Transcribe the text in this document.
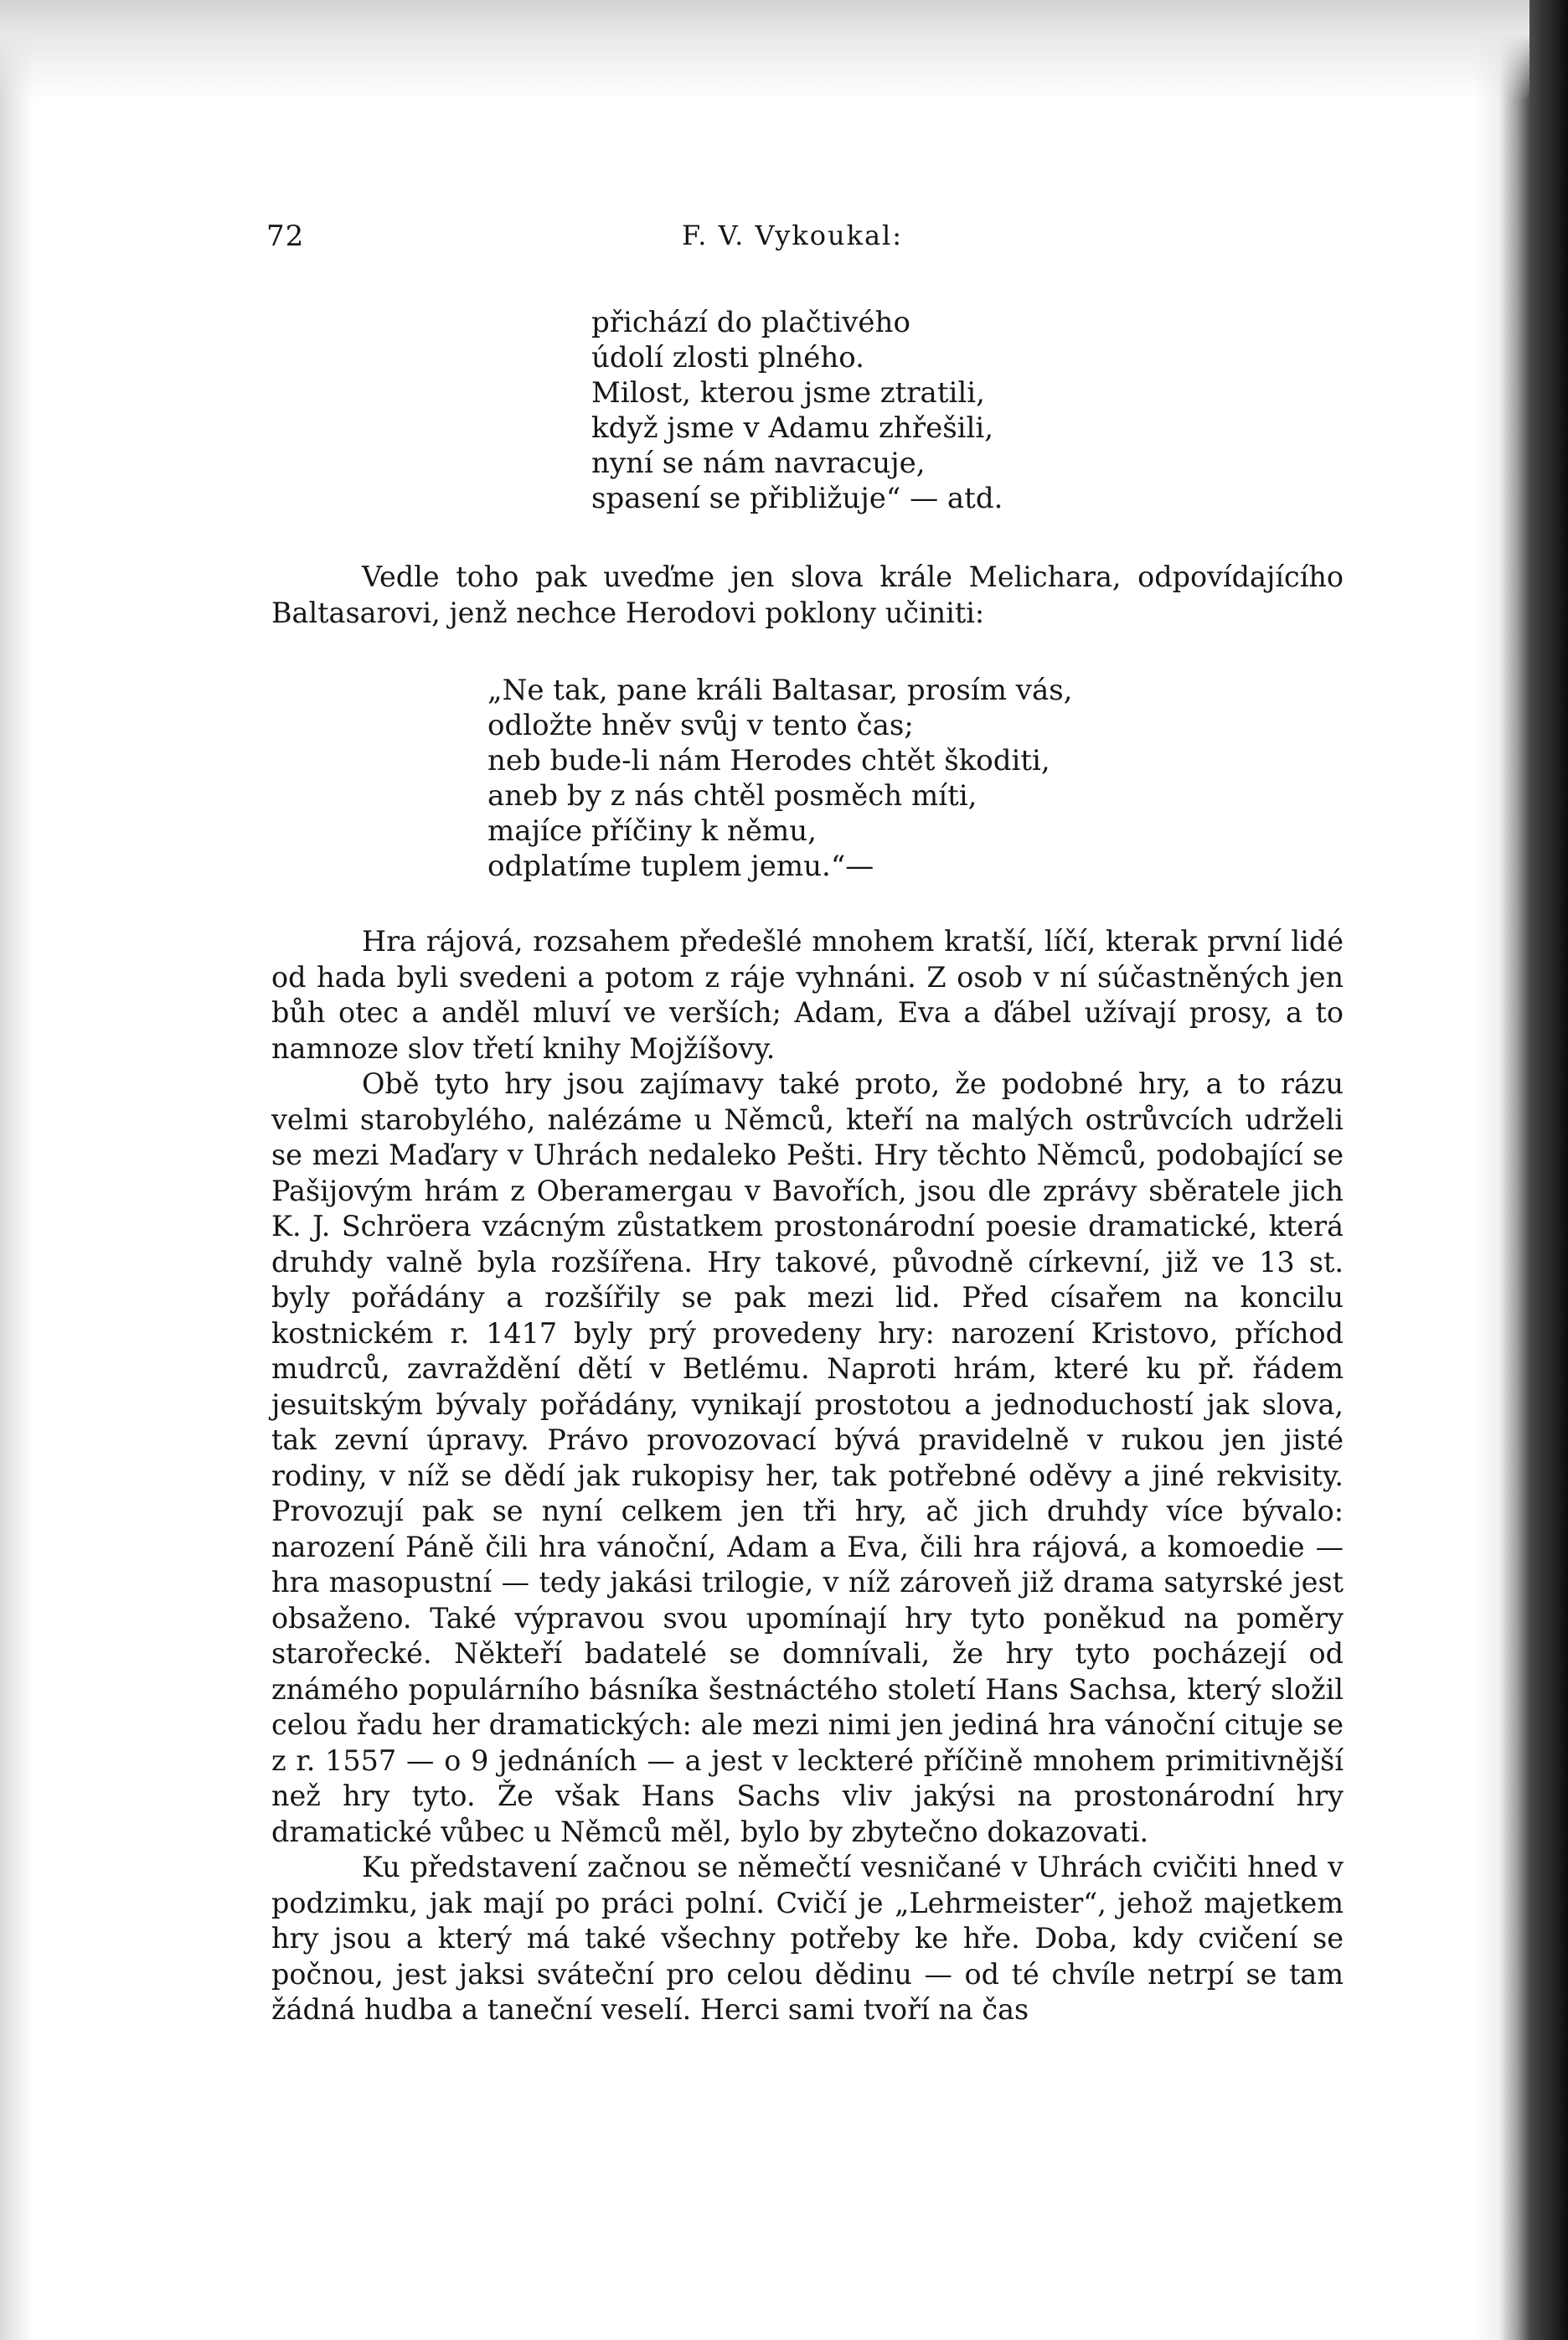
72	F. V. Vykoukal:
přichází do plačtivého
údolí zlosti plného.
Milost, kterou jsme ztratili,
když jsme v Adamu zhřešili,
nyní se nám navracuje,
spasení se přibližuje“ — atd.

Vedle toho pak uveďme jen slova krále Melichara, odpovídajícího Baltasarovi, jenž nechce Herodovi poklony učiniti:

„Ne tak, pane králi Baltasar, prosím vás,
odložte hněv svůj v tento čas;
neb bude-li nám Herodes chtět škoditi,
aneb by z nás chtěl posměch míti,
majíce příčiny k němu,
odplatíme tuplem jemu.“—

Hra rájová, rozsahem předešlé mnohem kratší, líčí, kterak první lidé od hada byli svedeni a potom z ráje vyhnáni. Z osob v ní súčastněných jen bůh otec a anděl mluví ve verších; Adam, Eva a ďábel užívají prosy, a to namnoze slov třetí knihy Mojžíšovy.

Obě tyto hry jsou zajímavy také proto, že podobné hry, a to rázu velmi starobylého, nalézáme u Němců, kteří na malých ostrůvcích udrželi se mezi Maďary v Uhrách nedaleko Pešti. Hry těchto Němců, podobající se Pašijovým hrám z Oberamergau v Bavořích, jsou dle zprávy sběratele jich K. J. Schröera vzácným zůstatkem prostonárodní poesie dramatické, která druhdy valně byla rozšířena. Hry takové, původně církevní, již ve 13 st. byly pořádány a rozšířily se pak mezi lid. Před císařem na koncilu kostnickém r. 1417 byly prý provedeny hry: narození Kristovo, příchod mudrců, zavraždění dětí v Betlému. Naproti hrám, které ku př. řádem jesuitským bývaly pořádány, vynikají prostotou a jednoduchostí jak slova, tak zevní úpravy. Právo provozovací bývá pravidelně v rukou jen jisté rodiny, v níž se dědí jak rukopisy her, tak potřebné oděvy a jiné rekvisity. Provozují pak se nyní celkem jen tři hry, ač jich druhdy více bývalo: narození Páně čili hra vánoční, Adam a Eva, čili hra rájová, a komoedie — hra masopustní — tedy jakási trilogie, v níž zároveň již drama satyrské jest obsaženo. Také výpravou svou upomínají hry tyto poněkud na poměry starořecké. Někteří badatelé se domnívali, že hry tyto pocházejí od známého populárního básníka šestnáctého století Hans Sachsa, který složil celou řadu her dramatických: ale mezi nimi jen jediná hra vánoční cituje se z r. 1557 — o 9 jednáních — a jest v leckteré příčině mnohem primitivnější než hry tyto. Že však Hans Sachs vliv jakýsi na prostonárodní hry dramatické vůbec u Němců měl, bylo by zbytečno dokazovati.

Ku představení začnou se němečtí vesničané v Uhrách cvičiti hned v podzimku, jak mají po práci polní. Cvičí je „Lehrmeister“, jehož majetkem hry jsou a který má také všechny potřeby ke hře. Doba, kdy cvičení se počnou, jest jaksi sváteční pro celou dědinu — od té chvíle netrpí se tam žádná hudba a taneční veselí. Herci sami tvoří na čas
